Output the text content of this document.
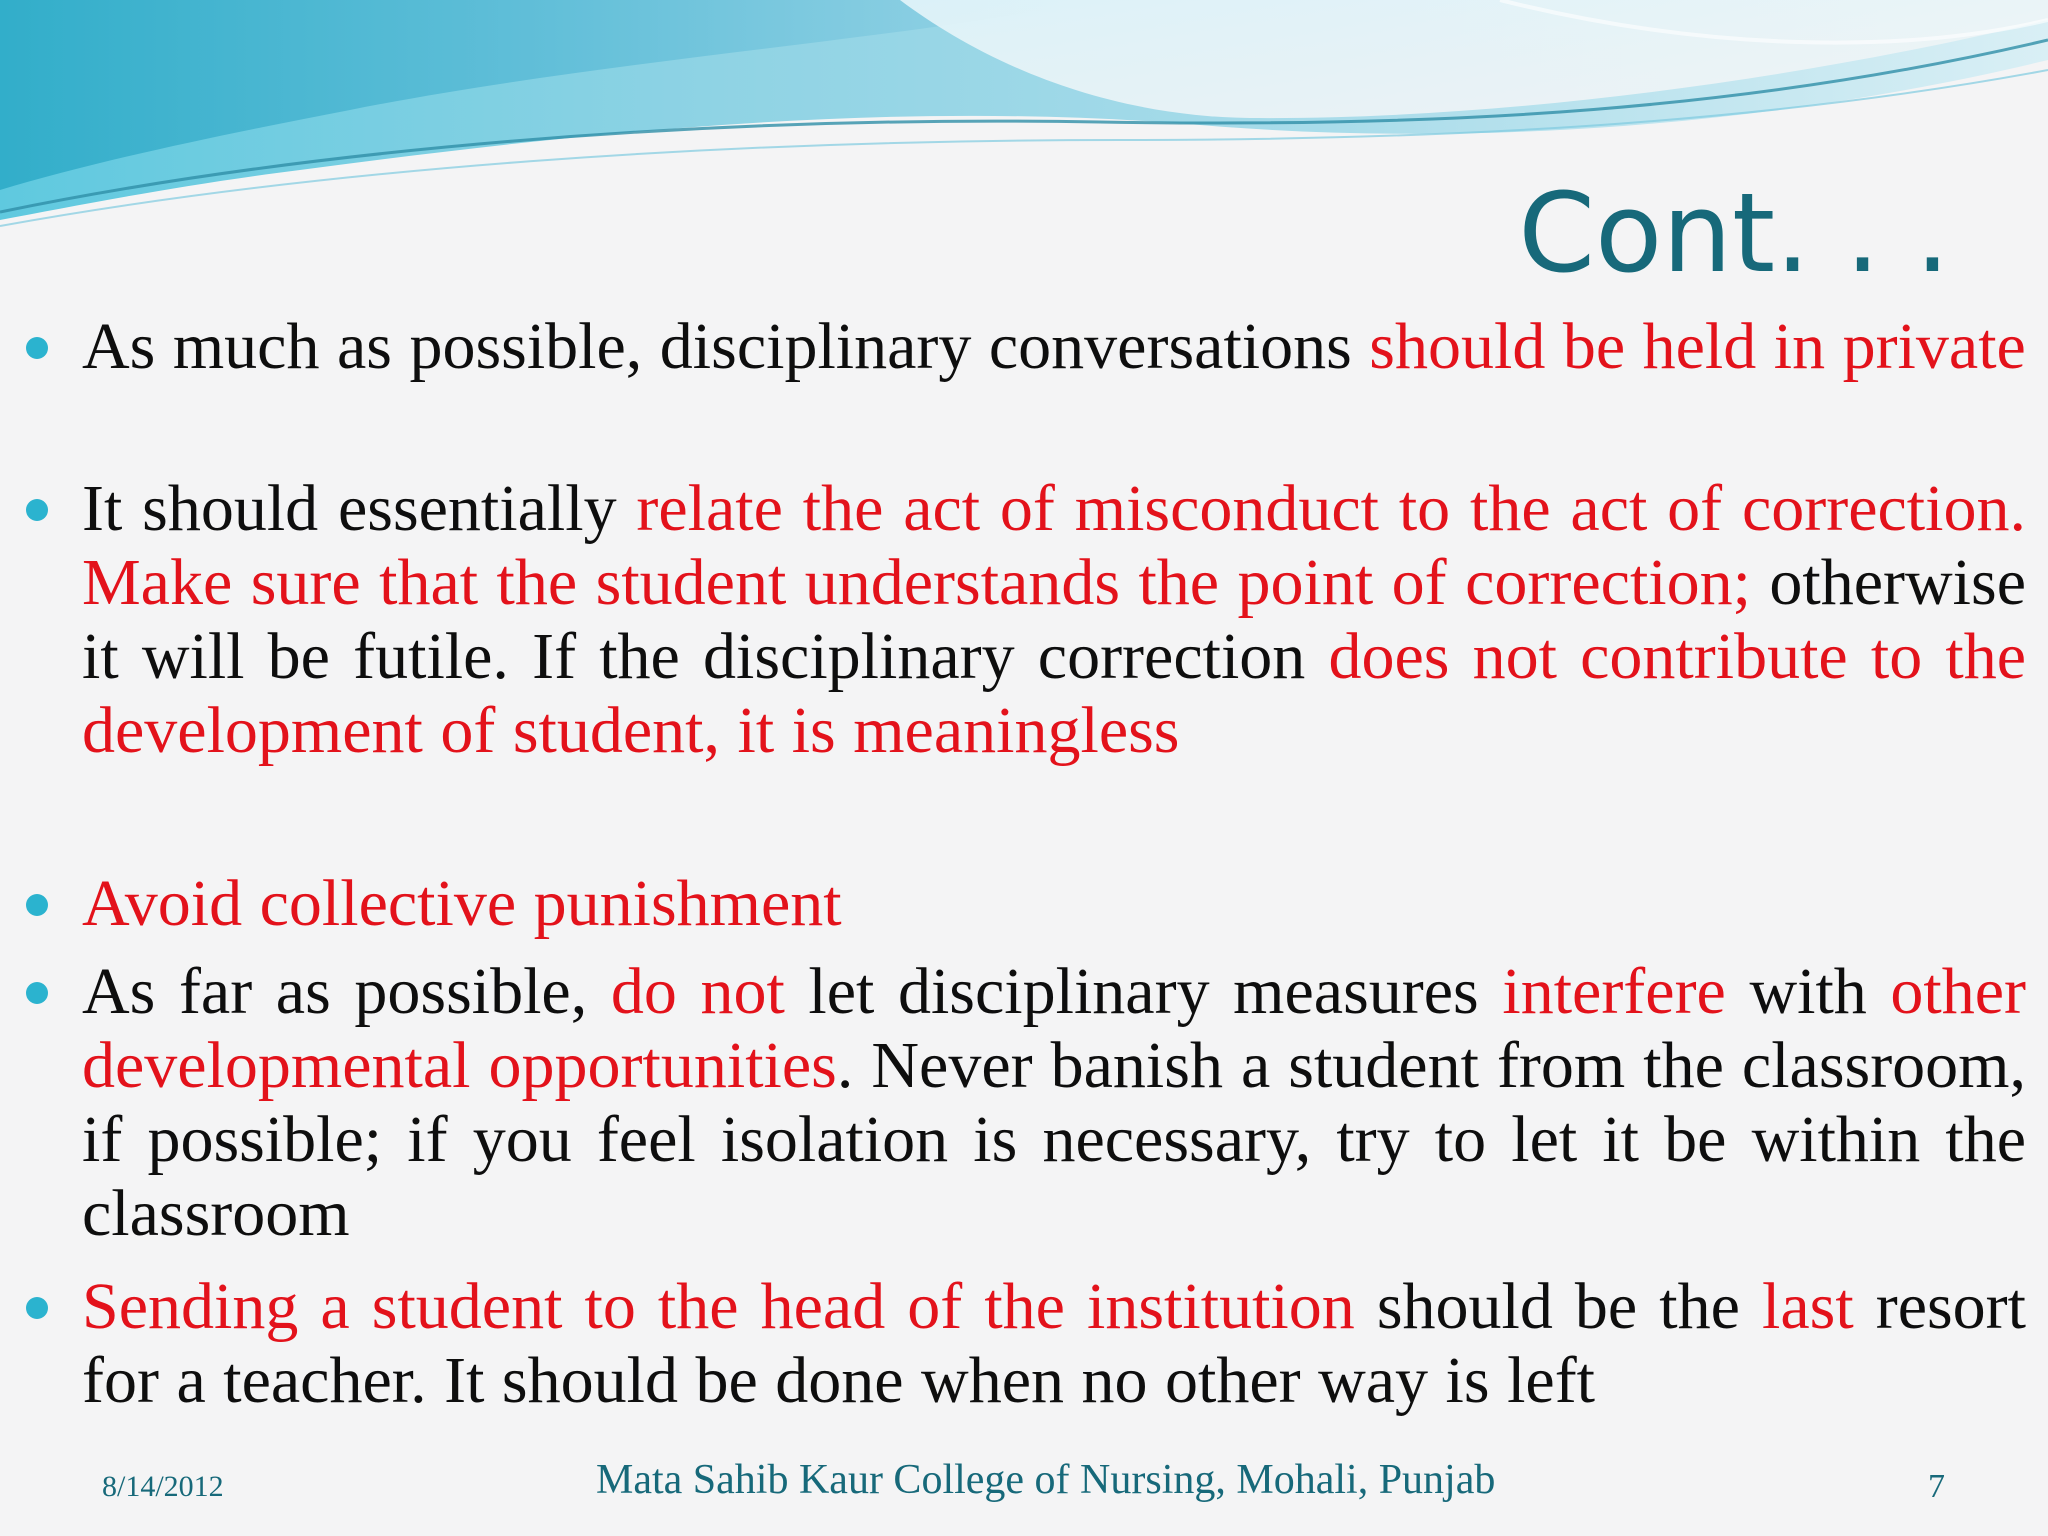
Cont. . .
As much as possible, disciplinary conversations should be held in private
It should essentially relate the act of misconduct to the act of correction. Make sure that the student understands the point of correction; otherwise it will be futile. If the disciplinary correction does not contribute to the development of student, it is meaningless
Avoid collective punishment
As far as possible, do not let disciplinary measures interfere with other developmental opportunities. Never banish a student from the classroom, if possible; if you feel isolation is necessary, try to let it be within the classroom
Sending a student to the head of the institution should be the last resort for a teacher. It should be done when no other way is left
8/14/2012	Mata Sahib Kaur College of Nursing, Mohali, Punjab	7
